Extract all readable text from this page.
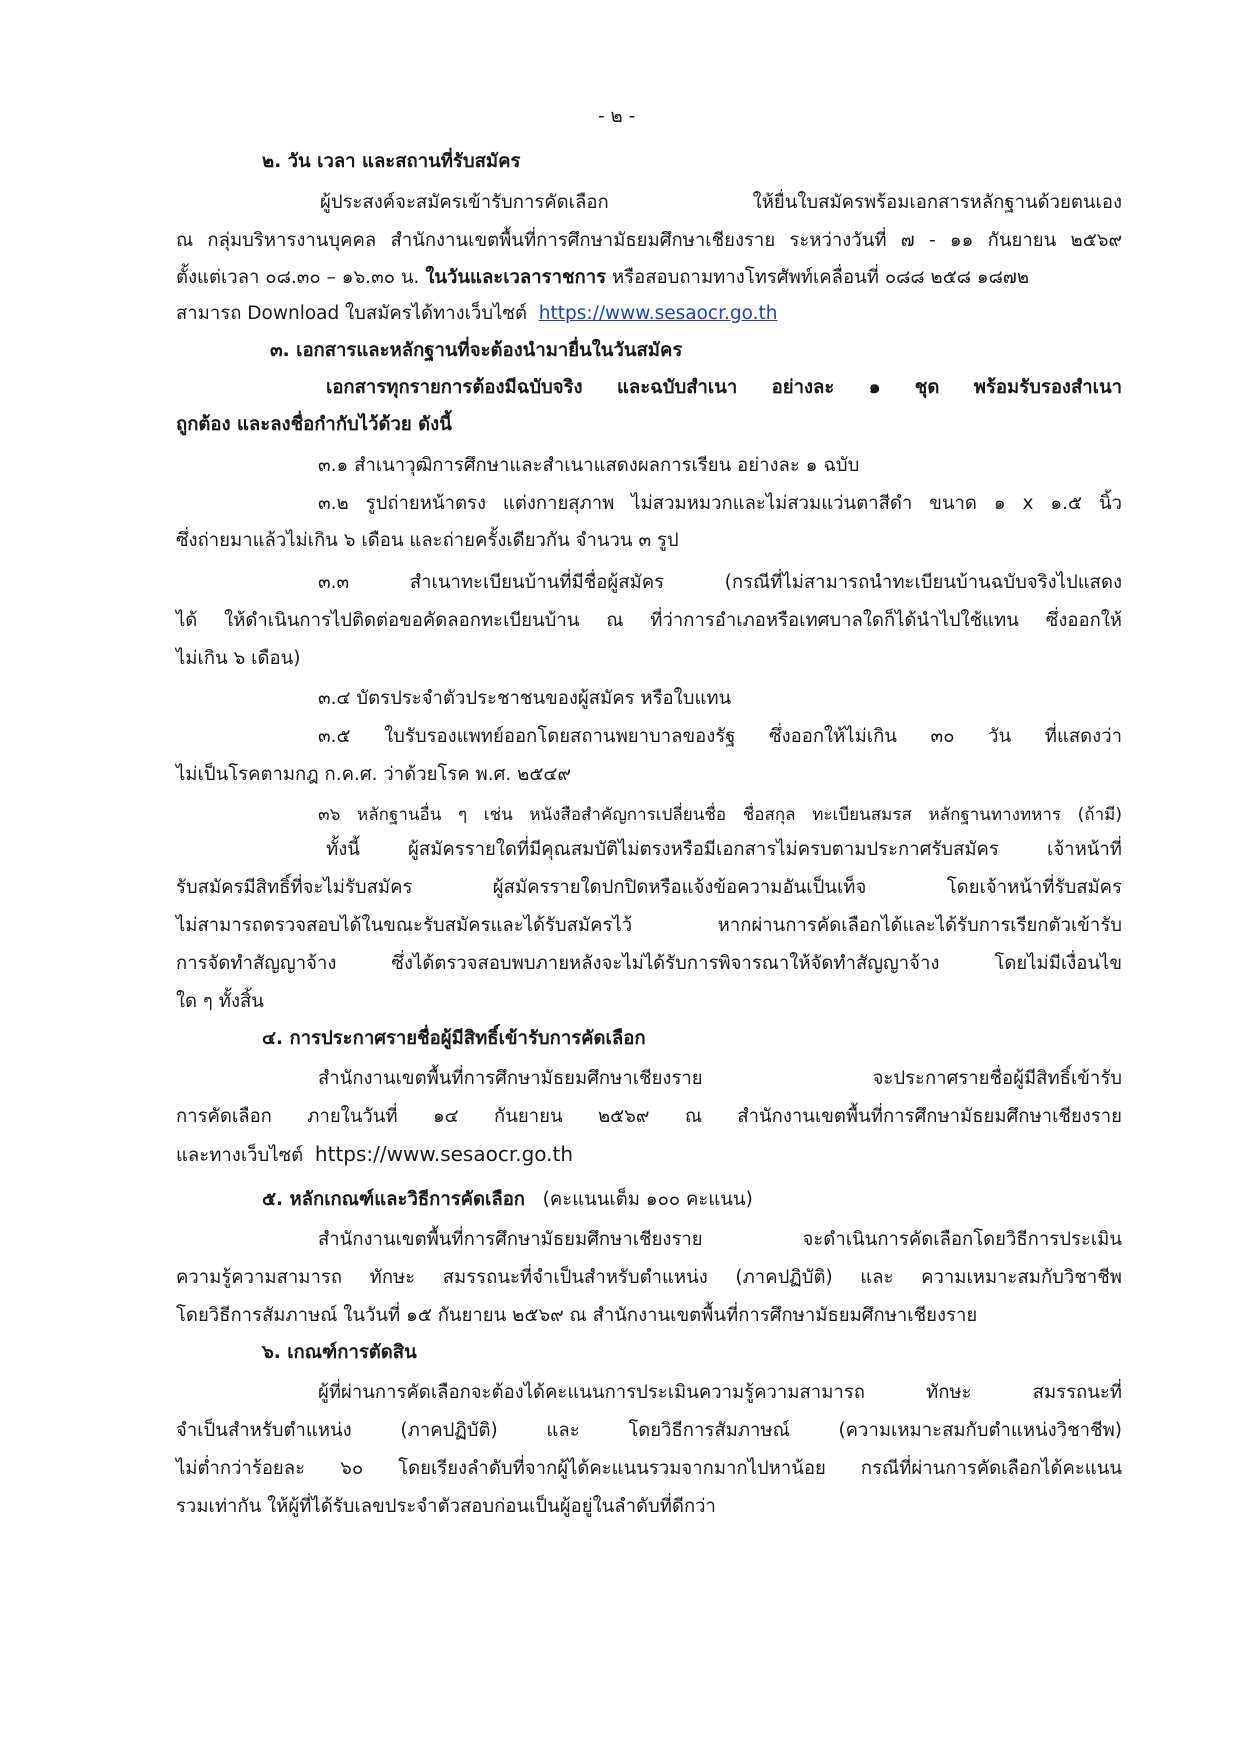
- ๒ -
๒. วัน เวลา และสถานที่รับสมัคร
ผู้ประสงค์จะสมัครเข้ารับการคัดเลือก ให้ยื่นใบสมัครพร้อมเอกสารหลักฐานด้วยตนเอง
ณ กลุ่มบริหารงานบุคคล สำนักงานเขตพื้นที่การศึกษามัธยมศึกษาเชียงราย ระหว่างวันที่ ๗ - ๑๑ กันยายน ๒๕๖๙
ตั้งแต่เวลา ๐๘.๓๐ – ๑๖.๓๐ น. ในวันและเวลาราชการ หรือสอบถามทางโทรศัพท์เคลื่อนที่ ๐๘๘ ๒๕๘ ๑๘๗๒
สามารถ Download ใบสมัครได้ทางเว็บไซต์ https://www.sesaocr.go.th
๓. เอกสารและหลักฐานที่จะต้องนำมายื่นในวันสมัคร
เอกสารทุกรายการต้องมีฉบับจริง และฉบับสำเนา อย่างละ ๑ ชุด พร้อมรับรองสำเนา
ถูกต้อง และลงชื่อกำกับไว้ด้วย ดังนี้
๓.๑ สำเนาวุฒิการศึกษาและสำเนาแสดงผลการเรียน อย่างละ ๑ ฉบับ
๓.๒ รูปถ่ายหน้าตรง แต่งกายสุภาพ ไม่สวมหมวกและไม่สวมแว่นตาสีดำ ขนาด ๑ x ๑.๕ นิ้ว
ซึ่งถ่ายมาแล้วไม่เกิน ๖ เดือน และถ่ายครั้งเดียวกัน จำนวน ๓ รูป
๓.๓ สำเนาทะเบียนบ้านที่มีชื่อผู้สมัคร (กรณีที่ไม่สามารถนำทะเบียนบ้านฉบับจริงไปแสดง
ได้ ให้ดำเนินการไปติดต่อขอคัดลอกทะเบียนบ้าน ณ ที่ว่าการอำเภอหรือเทศบาลใดก็ได้นำไปใช้แทน ซึ่งออกให้
ไม่เกิน ๖ เดือน)
๓.๔ บัตรประจำตัวประชาชนของผู้สมัคร หรือใบแทน
๓.๕ ใบรับรองแพทย์ออกโดยสถานพยาบาลของรัฐ ซึ่งออกให้ไม่เกิน ๓๐ วัน ที่แสดงว่า
ไม่เป็นโรคตามกฎ ก.ค.ศ. ว่าด้วยโรค พ.ศ. ๒๕๔๙
๓๖ หลักฐานอื่น ๆ เช่น หนังสือสำคัญการเปลี่ยนชื่อ ชื่อสกุล ทะเบียนสมรส หลักฐานทางทหาร (ถ้ามี)
ทั้งนี้ ผู้สมัครรายใดที่มีคุณสมบัติไม่ตรงหรือมีเอกสารไม่ครบตามประกาศรับสมัคร เจ้าหน้าที่
รับสมัครมีสิทธิ์ที่จะไม่รับสมัคร ผู้สมัครรายใดปกปิดหรือแจ้งข้อความอันเป็นเท็จ โดยเจ้าหน้าที่รับสมัคร
ไม่สามารถตรวจสอบได้ในขณะรับสมัครและได้รับสมัครไว้ หากผ่านการคัดเลือกได้และได้รับการเรียกตัวเข้ารับ
การจัดทำสัญญาจ้าง ซึ่งได้ตรวจสอบพบภายหลังจะไม่ได้รับการพิจารณาให้จัดทำสัญญาจ้าง โดยไม่มีเงื่อนไข
ใด ๆ ทั้งสิ้น
๔. การประกาศรายชื่อผู้มีสิทธิ์เข้ารับการคัดเลือก
สำนักงานเขตพื้นที่การศึกษามัธยมศึกษาเชียงราย จะประกาศรายชื่อผู้มีสิทธิ์เข้ารับ
การคัดเลือก ภายในวันที่ ๑๔ กันยายน ๒๕๖๙ ณ สำนักงานเขตพื้นที่การศึกษามัธยมศึกษาเชียงราย
และทางเว็บไซต์ https://www.sesaocr.go.th
๕. หลักเกณฑ์และวิธีการคัดเลือก (คะแนนเต็ม ๑๐๐ คะแนน)
สำนักงานเขตพื้นที่การศึกษามัธยมศึกษาเชียงราย จะดำเนินการคัดเลือกโดยวิธีการประเมิน
ความรู้ความสามารถ ทักษะ สมรรถนะที่จำเป็นสำหรับตำแหน่ง (ภาคปฏิบัติ) และ ความเหมาะสมกับวิชาชีพ
โดยวิธีการสัมภาษณ์ ในวันที่ ๑๕ กันยายน ๒๕๖๙ ณ สำนักงานเขตพื้นที่การศึกษามัธยมศึกษาเชียงราย
๖. เกณฑ์การตัดสิน
ผู้ที่ผ่านการคัดเลือกจะต้องได้คะแนนการประเมินความรู้ความสามารถ ทักษะ สมรรถนะที่
จำเป็นสำหรับตำแหน่ง (ภาคปฏิบัติ) และ โดยวิธีการสัมภาษณ์ (ความเหมาะสมกับตำแหน่งวิชาชีพ)
ไม่ต่ำกว่าร้อยละ ๖๐ โดยเรียงลำดับที่จากผู้ได้คะแนนรวมจากมากไปหาน้อย กรณีที่ผ่านการคัดเลือกได้คะแนน
รวมเท่ากัน ให้ผู้ที่ได้รับเลขประจำตัวสอบก่อนเป็นผู้อยู่ในลำดับที่ดีกว่า
